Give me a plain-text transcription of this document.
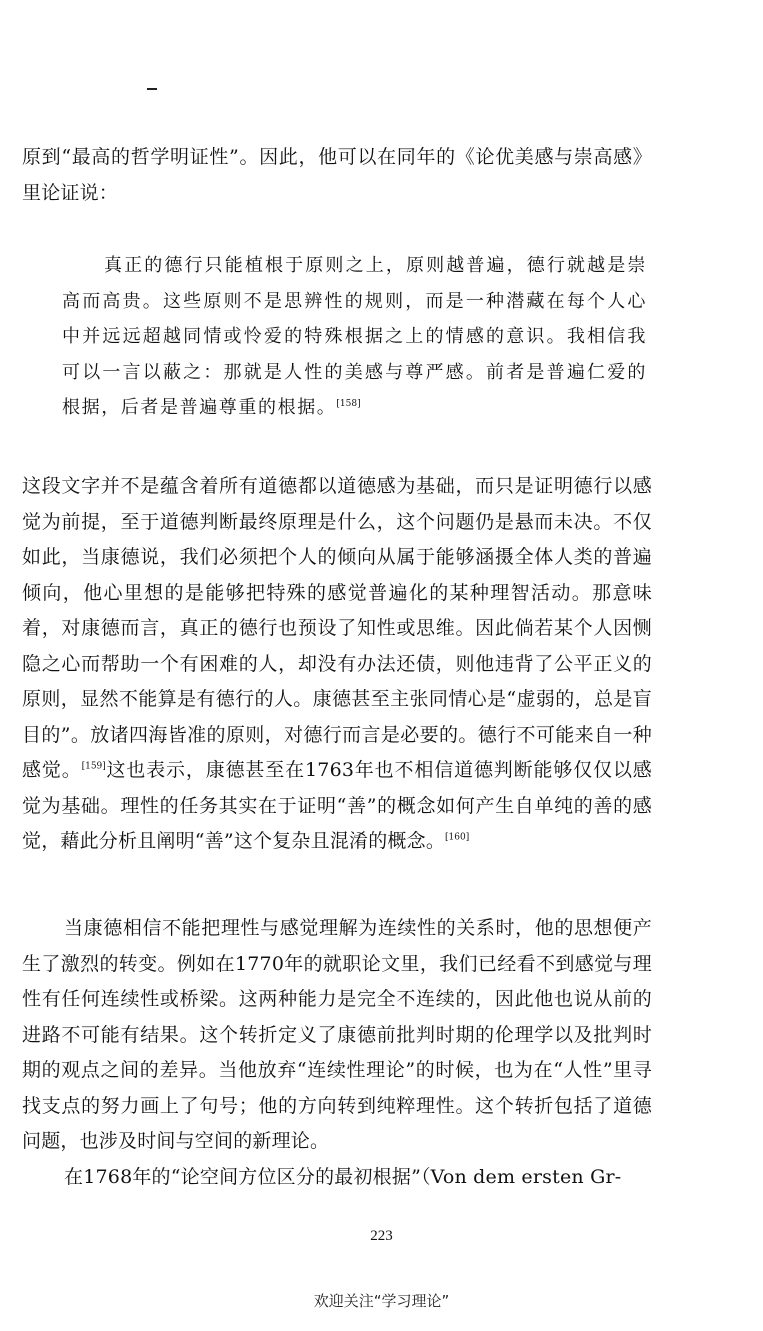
原到“最高的哲学明证性”。因此，他可以在同年的《论优美感与崇高感》里论证说：

真正的德行只能植根于原则之上，原则越普遍，德行就越是崇高而高贵。这些原则不是思辨性的规则，而是一种潜藏在每个人心中并远远超越同情或怜爱的特殊根据之上的情感的意识。我相信我可以一言以蔽之：那就是人性的美感与尊严感。前者是普遍仁爱的根据，后者是普遍尊重的根据。[158]

这段文字并不是蕴含着所有道德都以道德感为基础，而只是证明德行以感觉为前提，至于道德判断最终原理是什么，这个问题仍是悬而未决。不仅如此，当康德说，我们必须把个人的倾向从属于能够涵摄全体人类的普遍倾向，他心里想的是能够把特殊的感觉普遍化的某种理智活动。那意味着，对康德而言，真正的德行也预设了知性或思维。因此倘若某个人因恻隐之心而帮助一个有困难的人，却没有办法还债，则他违背了公平正义的原则，显然不能算是有德行的人。康德甚至主张同情心是“虚弱的，总是盲目的”。放诸四海皆准的原则，对德行而言是必要的。德行不可能来自一种感觉。[159]这也表示，康德甚至在1763年也不相信道德判断能够仅仅以感觉为基础。理性的任务其实在于证明“善”的概念如何产生自单纯的善的感觉，藉此分析且阐明“善”这个复杂且混淆的概念。[160]

当康德相信不能把理性与感觉理解为连续性的关系时，他的思想便产生了激烈的转变。例如在1770年的就职论文里，我们已经看不到感觉与理性有任何连续性或桥梁。这两种能力是完全不连续的，因此他也说从前的进路不可能有结果。这个转折定义了康德前批判时期的伦理学以及批判时期的观点之间的差异。当他放弃“连续性理论”的时候，也为在“人性”里寻找支点的努力画上了句号；他的方向转到纯粹理性。这个转折包括了道德问题，也涉及时间与空间的新理论。

在1768年的“论空间方位区分的最初根据”（Von dem ersten Gr-

223
欢迎关注“学习理论”
